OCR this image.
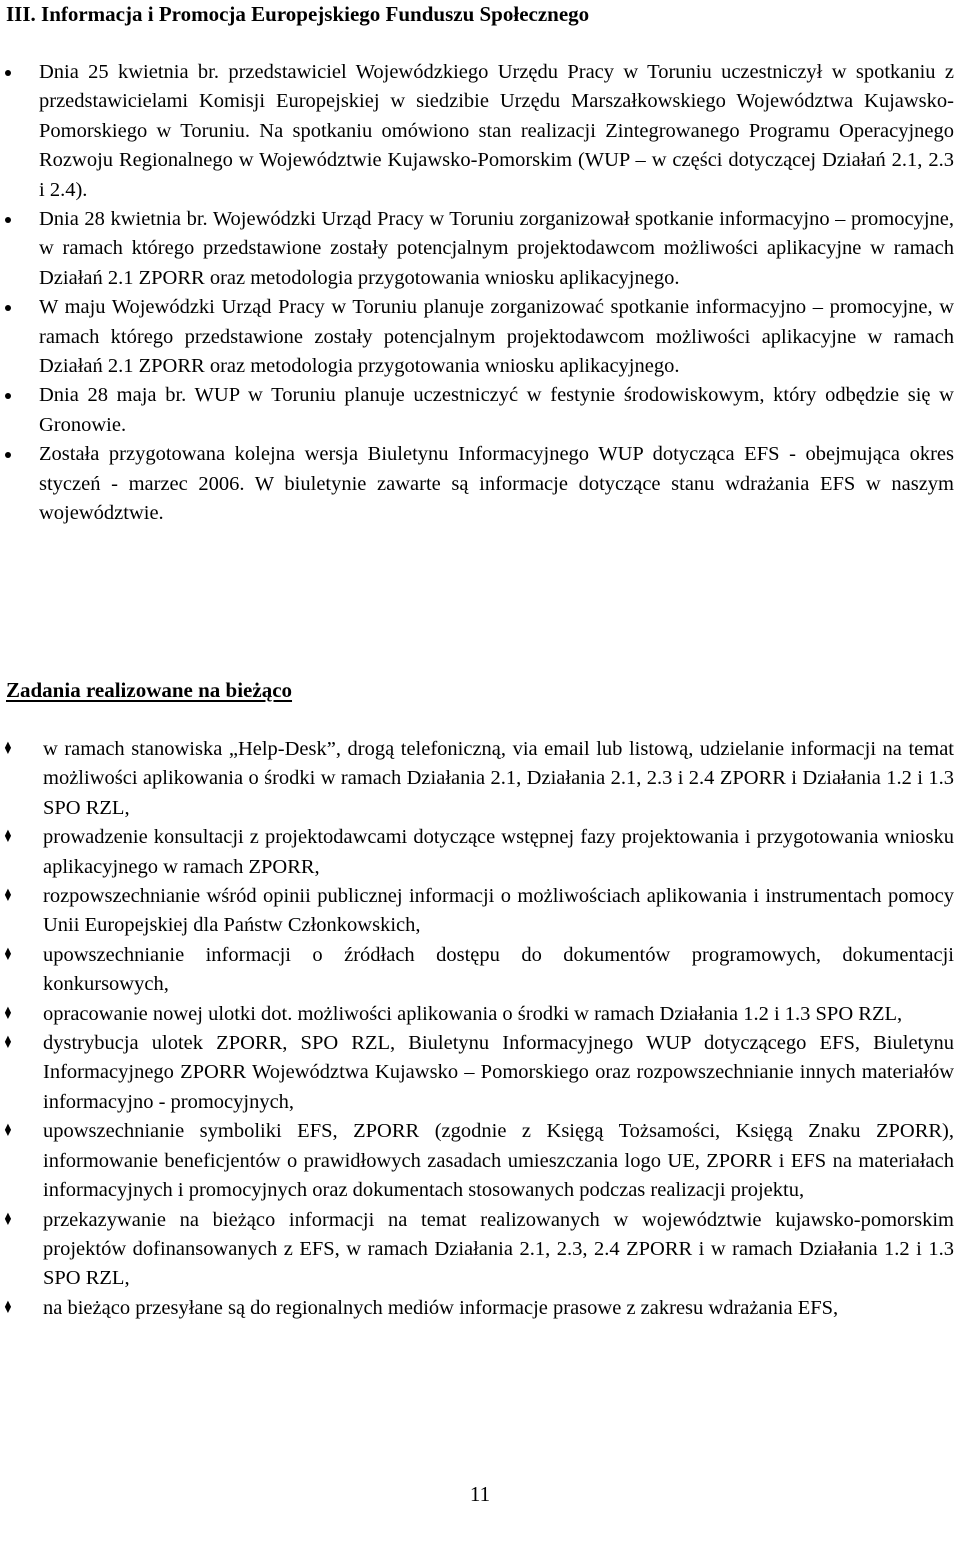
III. Informacja i Promocja Europejskiego Funduszu Społecznego
Dnia 25 kwietnia br. przedstawiciel Wojewódzkiego Urzędu Pracy w Toruniu uczestniczył w spotkaniu z przedstawicielami Komisji Europejskiej w siedzibie Urzędu Marszałkowskiego Województwa Kujawsko-Pomorskiego w Toruniu. Na spotkaniu omówiono stan realizacji Zintegrowanego Programu Operacyjnego Rozwoju Regionalnego w Województwie Kujawsko-Pomorskim (WUP – w części dotyczącej Działań 2.1, 2.3 i 2.4).
Dnia 28 kwietnia br. Wojewódzki Urząd Pracy w Toruniu zorganizował spotkanie informacyjno – promocyjne, w ramach którego przedstawione zostały potencjalnym projektodawcom możliwości aplikacyjne w ramach Działań 2.1 ZPORR oraz metodologia przygotowania wniosku aplikacyjnego.
W maju Wojewódzki Urząd Pracy w Toruniu planuje zorganizować spotkanie informacyjno – promocyjne, w ramach którego przedstawione zostały potencjalnym projektodawcom możliwości aplikacyjne w ramach Działań 2.1 ZPORR oraz metodologia przygotowania wniosku aplikacyjnego.
Dnia 28 maja br. WUP w Toruniu planuje uczestniczyć w festynie środowiskowym, który odbędzie się w Gronowie.
Została przygotowana kolejna wersja Biuletynu Informacyjnego WUP dotycząca EFS - obejmująca okres styczeń - marzec 2006. W biuletynie zawarte są informacje dotyczące stanu wdrażania EFS w naszym województwie.
Zadania realizowane na bieżąco
♦ w ramach stanowiska „Help-Desk”, drogą telefoniczną, via email lub listową, udzielanie informacji na temat możliwości aplikowania o środki w ramach Działania 2.1, Działania 2.1, 2.3 i 2.4 ZPORR i Działania 1.2 i 1.3 SPO RZL,
♦ prowadzenie konsultacji z projektodawcami dotyczące wstępnej fazy projektowania i przygotowania wniosku aplikacyjnego w ramach ZPORR,
♦ rozpowszechnianie wśród opinii publicznej informacji o możliwościach aplikowania i instrumentach pomocy Unii Europejskiej dla Państw Członkowskich,
♦ upowszechnianie informacji o źródłach dostępu do dokumentów programowych, dokumentacji konkursowych,
♦ opracowanie nowej ulotki dot. możliwości aplikowania o środki w ramach Działania 1.2 i 1.3 SPO RZL,
♦ dystrybucja ulotek ZPORR, SPO RZL, Biuletynu Informacyjnego WUP dotyczącego EFS, Biuletynu Informacyjnego ZPORR Województwa Kujawsko – Pomorskiego oraz rozpowszechnianie innych materiałów informacyjno - promocyjnych,
♦ upowszechnianie symboliki EFS, ZPORR (zgodnie z Księgą Tożsamości, Księgą Znaku ZPORR), informowanie beneficjentów o prawidłowych zasadach umieszczania logo UE, ZPORR i EFS na materiałach informacyjnych i promocyjnych oraz dokumentach stosowanych podczas realizacji projektu,
♦ przekazywanie na bieżąco informacji na temat realizowanych w województwie kujawsko-pomorskim projektów dofinansowanych z EFS, w ramach Działania 2.1, 2.3, 2.4 ZPORR i w ramach Działania 1.2 i 1.3 SPO RZL,
♦ na bieżąco przesyłane są do regionalnych mediów informacje prasowe z zakresu wdrażania EFS,
11
